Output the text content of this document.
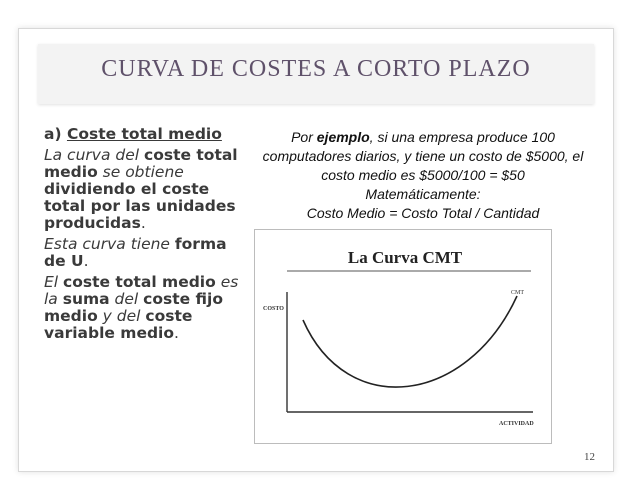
CURVA DE COSTES A CORTO PLAZO

a) Coste total medio

La curva del coste total medio se obtiene dividiendo el coste total por las unidades producidas.

Esta curva tiene forma de U.

El coste total medio es la suma del coste fijo medio y del coste variable medio.

Por ejemplo, si una empresa produce 100 computadores diarios, y tiene un costo de $5000, el costo medio es $5000/100 = $50
Matemáticamente:
Costo Medio = Costo Total / Cantidad
La Curva CMT
COSTO
ACTIVIDAD
CMT
12
